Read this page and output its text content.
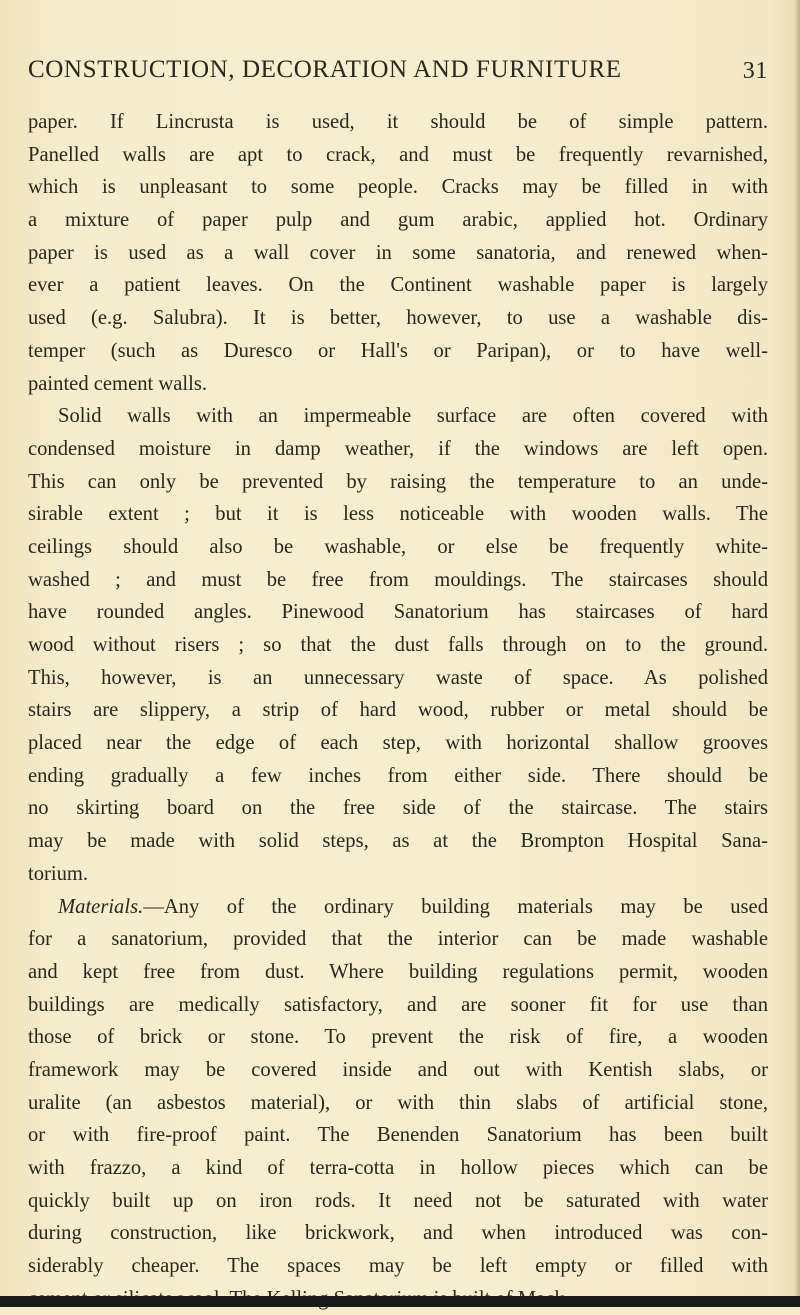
CONSTRUCTION, DECORATION AND FURNITURE	31
paper. If Lincrusta is used, it should be of simple pattern.
Panelled walls are apt to crack, and must be frequently revarnished,
which is unpleasant to some people. Cracks may be filled in with
a mixture of paper pulp and gum arabic, applied hot. Ordinary
paper is used as a wall cover in some sanatoria, and renewed when-
ever a patient leaves. On the Continent washable paper is largely
used (e.g. Salubra). It is better, however, to use a washable dis-
temper (such as Duresco or Hall's or Paripan), or to have well-
painted cement walls.
Solid walls with an impermeable surface are often covered with
condensed moisture in damp weather, if the windows are left open.
This can only be prevented by raising the temperature to an unde-
sirable extent ; but it is less noticeable with wooden walls. The
ceilings should also be washable, or else be frequently white-
washed ; and must be free from mouldings. The staircases should
have rounded angles. Pinewood Sanatorium has staircases of hard
wood without risers ; so that the dust falls through on to the ground.
This, however, is an unnecessary waste of space. As polished
stairs are slippery, a strip of hard wood, rubber or metal should be
placed near the edge of each step, with horizontal shallow grooves
ending gradually a few inches from either side. There should be
no skirting board on the free side of the staircase. The stairs
may be made with solid steps, as at the Brompton Hospital Sana-
torium.
Materials.—Any of the ordinary building materials may be used
for a sanatorium, provided that the interior can be made washable
and kept free from dust. Where building regulations permit, wooden
buildings are medically satisfactory, and are sooner fit for use than
those of brick or stone. To prevent the risk of fire, a wooden
framework may be covered inside and out with Kentish slabs, or
uralite (an asbestos material), or with thin slabs of artificial stone,
or with fire-proof paint. The Benenden Sanatorium has been built
with frazzo, a kind of terra-cotta in hollow pieces which can be
quickly built up on iron rods. It need not be saturated with water
during construction, like brickwork, and when introduced was con-
siderably cheaper. The spaces may be left empty or filled with
